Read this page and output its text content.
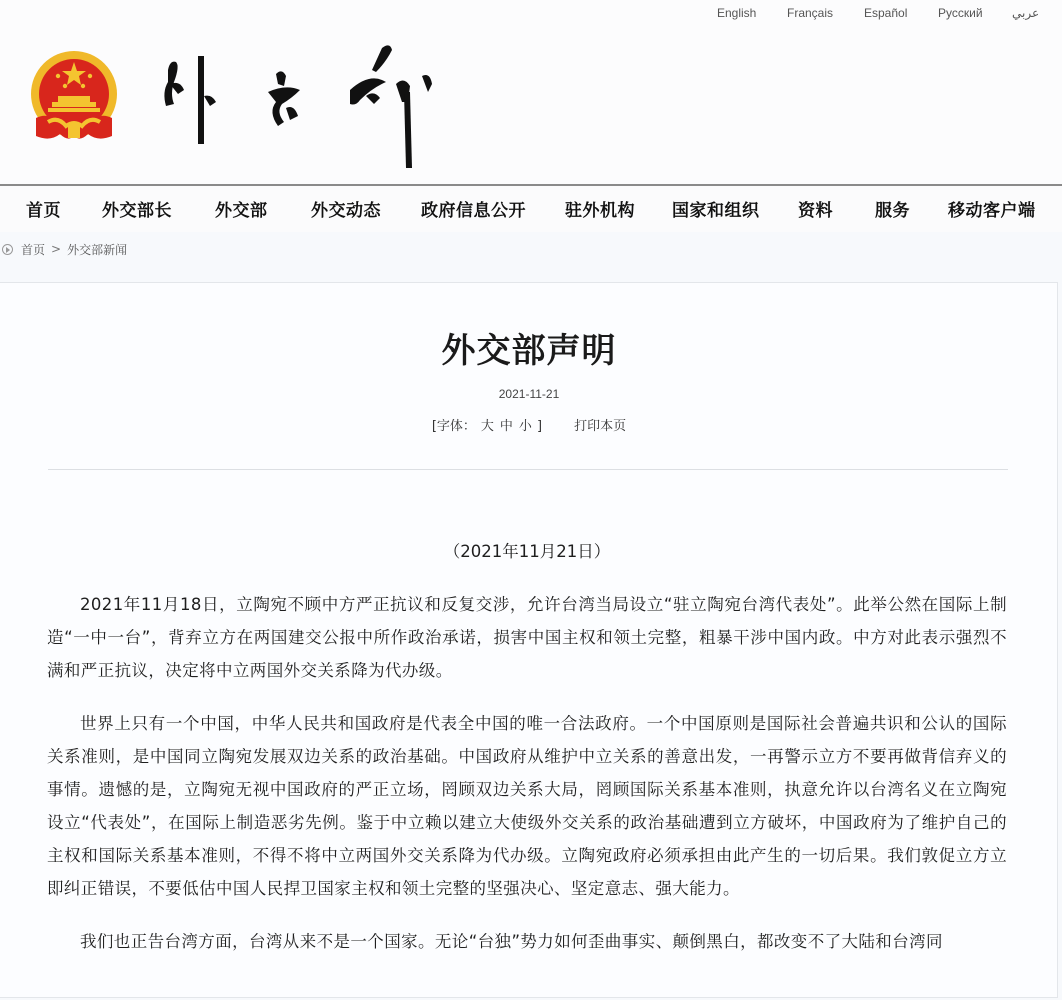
English	Français	Español	Русский عربي
首页 外交部长	外交部	外交动态 政府信息公开 驻外机构 国家和组织 资料 服务 移动客户端
首页 > 外交部新闻
外交部声明
2021-11-21
[字体： 大 中 小 ] 打印本页

（2021年11月21日）

2021年11月18日，立陶宛不顾中方严正抗议和反复交涉，允许台湾当局设立“驻立陶宛台湾代表处”。此举公然在国际上制造“一中一台”，背弃立方在两国建交公报中所作政治承诺，损害中国主权和领土完整，粗暴干涉中国内政。中方对此表示强烈不满和严正抗议，决定将中立两国外交关系降为代办级。

世界上只有一个中国，中华人民共和国政府是代表全中国的唯一合法政府。一个中国原则是国际社会普遍共识和公认的国际关系准则，是中国同立陶宛发展双边关系的政治基础。中国政府从维护中立关系的善意出发，一再警示立方不要再做背信弃义的事情。遗憾的是，立陶宛无视中国政府的严正立场，罔顾双边关系大局，罔顾国际关系基本准则，执意允许以台湾名义在立陶宛设立“代表处”，在国际上制造恶劣先例。鉴于中立赖以建立大使级外交关系的政治基础遭到立方破坏，中国政府为了维护自己的主权和国际关系基本准则，不得不将中立两国外交关系降为代办级。立陶宛政府必须承担由此产生的一切后果。我们敦促立方立即纠正错误，不要低估中国人民捍卫国家主权和领土完整的坚强决心、坚定意志、强大能力。

我们也正告台湾方面，台湾从来不是一个国家。无论“台独”势力如何歪曲事实、颠倒黑白，都改变不了大陆和台湾同
